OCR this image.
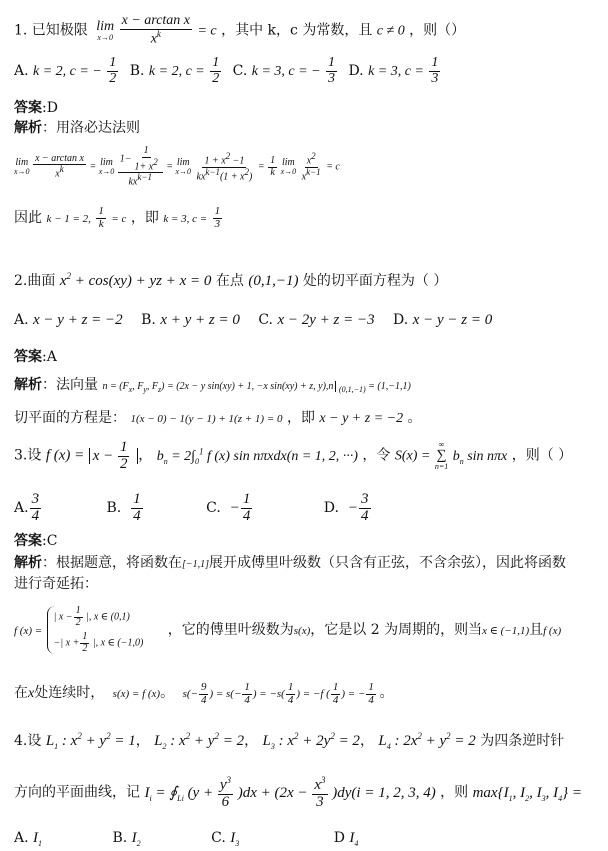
1. 已知极限 lim
x→0
$\frac{\text{x − arctan x}}{x^k} = c$ ，其中 k，c 为常数，且 c ≠ 0 ，则（）
A. k = 2, c = − $\frac{1}{2} B$. k = 2, $c = \frac{1}{2} C$. k = 3, c = − $\frac{1}{3} D$. k = 3, $c = \frac{1}{3}$
答案:D
解析：用洛必达法则
lim
x→0
$\frac{\text{x − arctan x}}{xk} = \lim$
x→0
$\frac{1- \frac{1}{1+ x2}}{\text{kxk−1}} = \lim$
x→0
$\frac{1 + x2 -1}{\text{kxk−1(1 + x2)}} = \frac{1}{k}$
lim
x→0
$\frac{x2}{xk-1} = c$
因此 k − 1 = 2, $\frac{1}{k} = c$ ，即 k = 3, $c = \frac{1}{3}$
2.曲面 $x^2 + \cos(xy)$ + yz + x = 0 在点 (0,1,−1) 处的切平面方程为（ ）
A. x − y + z = −2 B. x + y + z = 0 C. x − 2y + z = −3 D. x − y − z = 0
答案:A
解析：法向量 $n = (F_x$, $F_y$, $F_z) = (2x - y$ sin(xy) + 1, −x sin(xy) + z, y),n $_{(0,1,-1)}$ = (1,−1,1)
切平面的方程是： 1(x − 0) − 1(y − 1) + 1(z + 1) = 0 ，即 x − y + z = −2 。
3.设 f $(x) = x - \frac{1}{2}$ ， $b_n = 2\int_0^1$ f (x) sin nπxdx(n = 1, 2, ···) ，令 S(x) =
∞
∑
n=1
$b_n$ sin nπx ，则（ ）
A. $\frac{3}{4}$	B. $\frac{1}{4}$	C. − $\frac{1}{4}$	D. − $\frac{3}{4}$
答案:C
解析：根据题意，将函数在[−1,1]展开成傅里叶级数（只含有正弦，不含余弦），因此将函数
进行奇延拓：
f (x) =
| $x - \frac{1}{2}$ |, x ∈ (0,1)
−| $x + \frac{1}{2}$ |, x ∈ (−1,0)
，它的傅里叶级数为s(x)，它是以 2 为周期的，则当x ∈ (−1,1)且f (x)
在x处连续时， s(x) = f (x)。 $s(- \frac{9}{4}$ ) = $s(- \frac{1}{4}$ ) = $-s( \frac{1}{4}$ ) = −f ( $\frac{1}{4}$ ) = − $\frac{1}{4}$ 。
4.设 $L_1$ : $x^2 + y^2 = 1$， $L_2$ : $x^2 + y^2 = 2$， $L_3$ : $x^2 + 2y^2 = 2$， $L_4$ : $2x^2 + y^2 = 2$ 为四条逆时针
方向的平面曲线，记 $I_i$ = $∮_{Li}$ $(y + \frac{y^3}{6} )dx + (2x - \frac{x^3}{3} )dy(i = 1$, 2, 3, 4) ，则 $\max\{I_1$, $I_2$, $I_3$, $I_4$} =
A. $I_1$	B. $I_2$	C. $I_3$	D $I_4$
